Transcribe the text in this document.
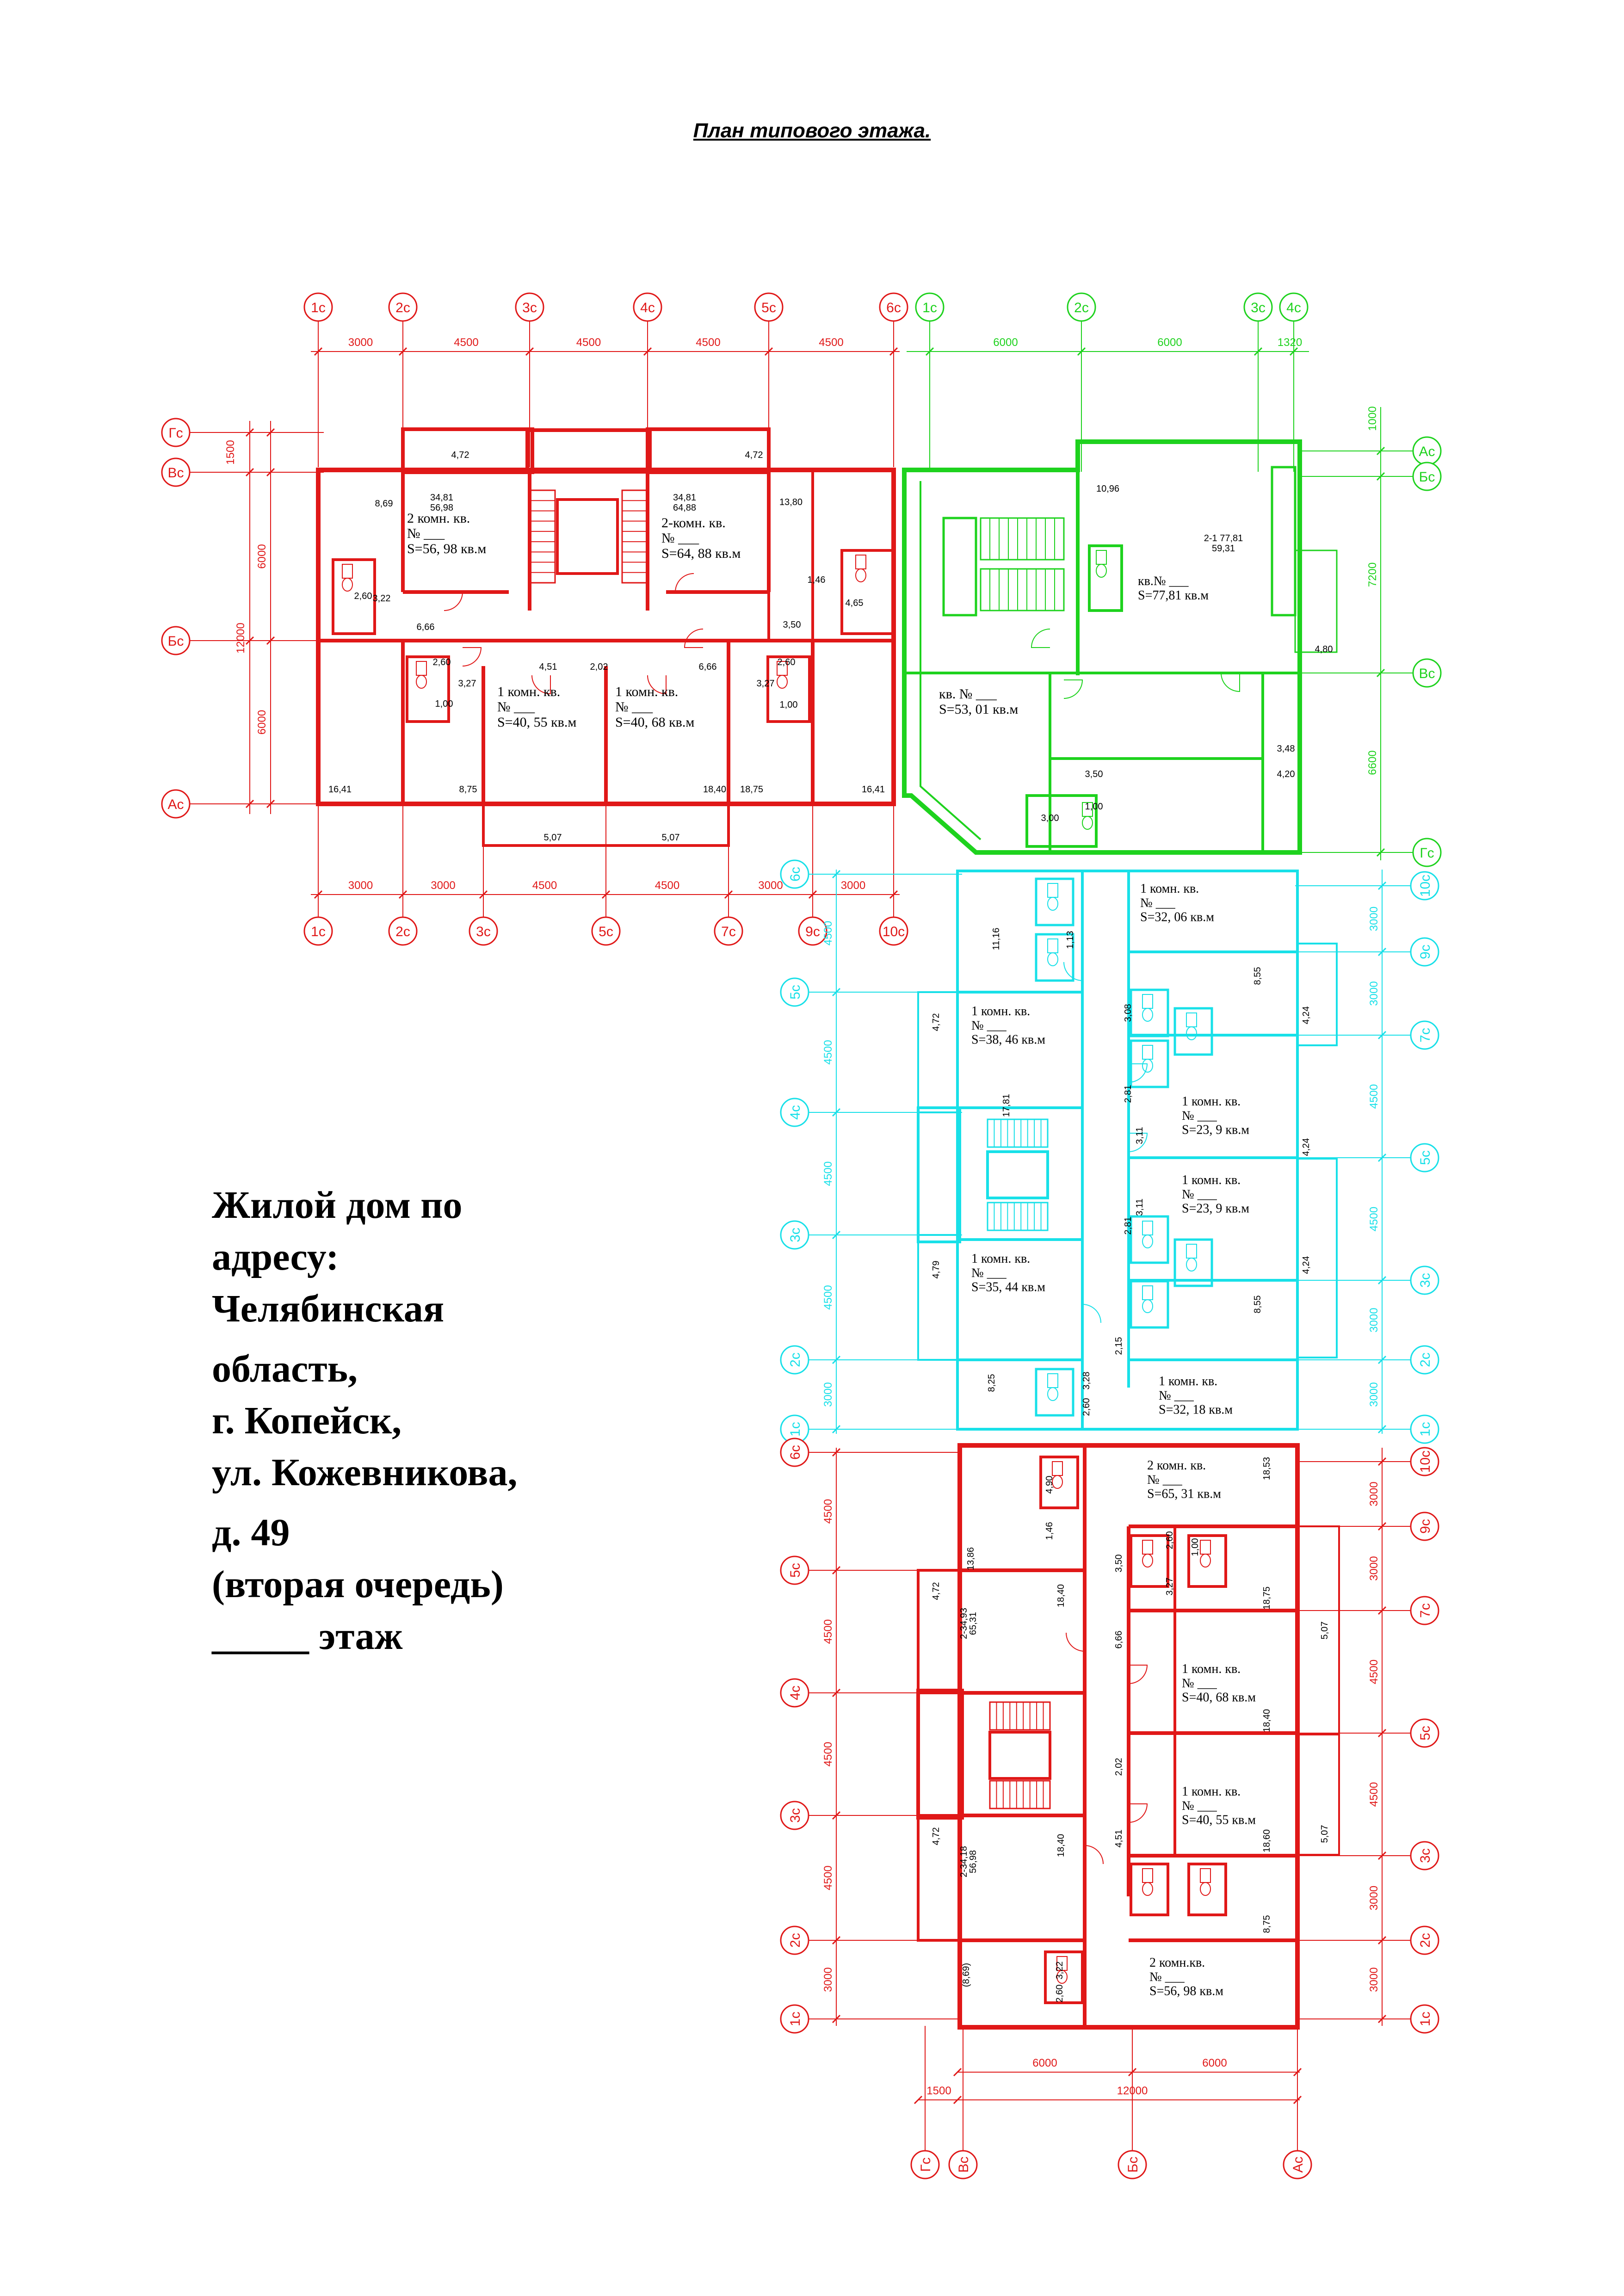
План типового этажа.
Жилой дом по
адресу:
Челябинская
область,
г. Копейск,
ул. Кожевникова,
д. 49
(вторая очередь)
_____ этаж
1с	2с	3с	4с	5с	6с
3000	4500	4500	4500	4500
1с	2с	3с	5с	7с	9с	10с
3000	3000	4500	4500	3000	3000
Гс
Вс
Бс
Ас
1500
6000
6000
12000
2 комн. кв.
№ ___
S=56, 98 кв.м
2-комн. кв.
№ ___
S=64, 88 кв.м
1 комн. кв.
№ ___
S=40, 55 кв.м
1 комн. кв.
№ ___
S=40, 68 кв.м
4,72	4,72
8,69	13,80
1,46
4,65
3,50
6,66
2,60
3,27
1,00
2,60 3,22
2,60
1,00
3,27
4,51	2,02	6,66
16,41	8,75	18,40 18,75	16,41
5,07	5,07
34,81
56,98
34,81
64,88
1с	2с	3с 4с
6000	6000	1320
Ас
Бс
Вс
Гс
1000
7200
6600
кв.№ ___
S=77,81 кв.м
кв. № ___
S=53, 01 кв.м
10,96
2-1 77,81
59,31
4,80
3,48
4,20
3,50
3,00
1,00
6с
5с
4с
3с
2с
1с
10с
9с
7с
5с
3с
2с
1с
4500
4500
4500
4500
3000
3000
3000
4500
4500
3000
3000
1 комн. кв.
№ ___
S=32, 06 кв.м
1 комн. кв.
№ ___
S=38, 46 кв.м
1 комн. кв.
№ ___
S=23, 9 кв.м
1 комн. кв.
№ ___
S=23, 9 кв.м
1 комн. кв.
№ ___
S=35, 44 кв.м
1 комн. кв.
№ ___
S=32, 18 кв.м
11,16	1,13
4,72
17,81
4,79
8,25
4,24
4,24
4,24
8,55
8,55
3,08
2,81
2,81
3,11
3,11
2,15
3,28
2,60
6с
5с
4с
3с
2с
1с
10с
9с
7с
5с
3с
2с
1с
4500
4500
4500
4500
3000
3000
3000
4500
4500
3000
3000
Гс Вс	Бс	Ас
6000	6000
1500	12000
2 комн. кв.
№ ___
S=65, 31 кв.м
1 комн. кв.
№ ___
S=40, 68 кв.м
1 комн. кв.
№ ___
S=40, 55 кв.м
2 комн.кв.
№ ___
S=56, 98 кв.м
13,86
4,72	18,40
18,40
4,72
18,53
18,75
18,40
18,60
8,75
5,07
5,07
6,66
4,51
2,02
3,50
3,27
2,60 1,00
(8,69)	3,22
2,60
4,90
1,46
2-34,93
65,31
2-34,18
56,98
